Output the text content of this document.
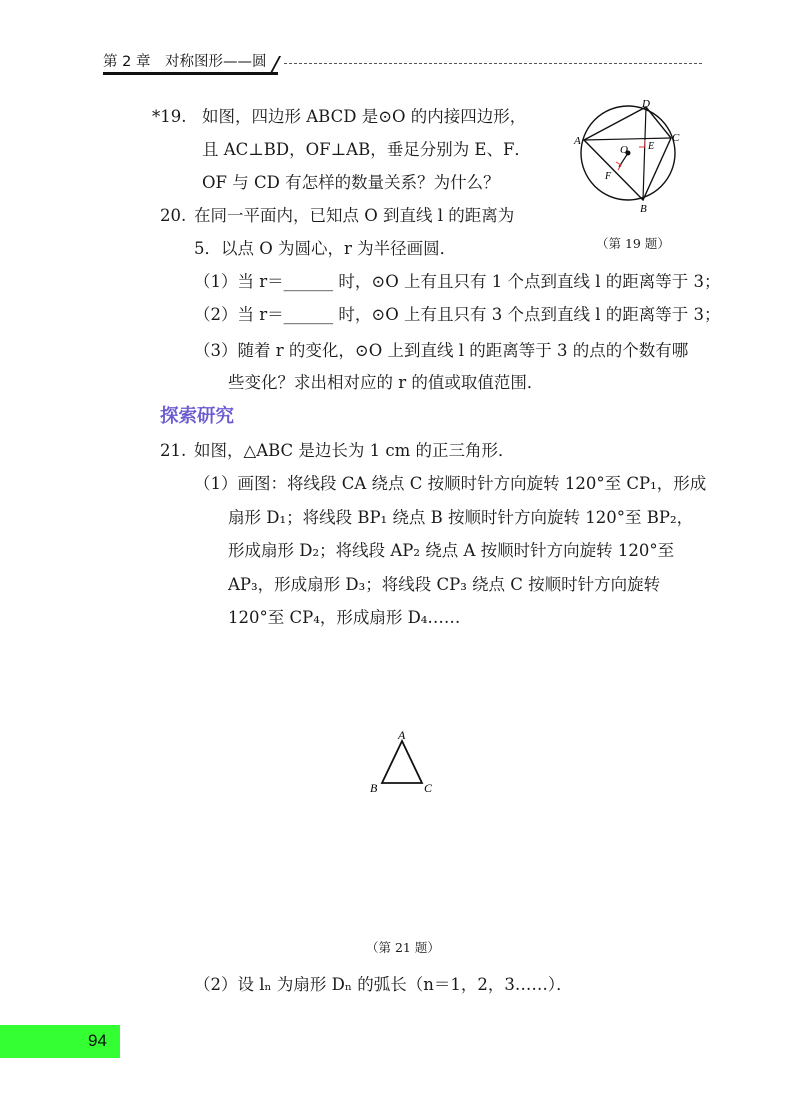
第 2 章　对称图形——圆
*19. 如图，四边形 ABCD 是⊙O 的内接四边形，
且 AC⊥BD，OF⊥AB，垂足分别为 E、F．
OF 与 CD 有怎样的数量关系？为什么？
A
D
C
B
O E
F
（第 19 题）
20. 在同一平面内，已知点 O 到直线 l 的距离为
5．以点 O 为圆心，r 为半径画圆．
（1）当 r＝______ 时，⊙O 上有且只有 1 个点到直线 l 的距离等于 3；
（2）当 r＝______ 时，⊙O 上有且只有 3 个点到直线 l 的距离等于 3；
（3）随着 r 的变化，⊙O 上到直线 l 的距离等于 3 的点的个数有哪
些变化？求出相对应的 r 的值或取值范围．
探索研究
21. 如图，△ABC 是边长为 1 cm 的正三角形．
（1）画图：将线段 CA 绕点 C 按顺时针方向旋转 120°至 CP₁，形成
扇形 D₁；将线段 BP₁ 绕点 B 按顺时针方向旋转 120°至 BP₂，
形成扇形 D₂；将线段 AP₂ 绕点 A 按顺时针方向旋转 120°至
AP₃，形成扇形 D₃；将线段 CP₃ 绕点 C 按顺时针方向旋转
120°至 CP₄，形成扇形 D₄……
A
B	C
（第 21 题）
（2）设 lₙ 为扇形 Dₙ 的弧长（n＝1，2，3……）．
94
